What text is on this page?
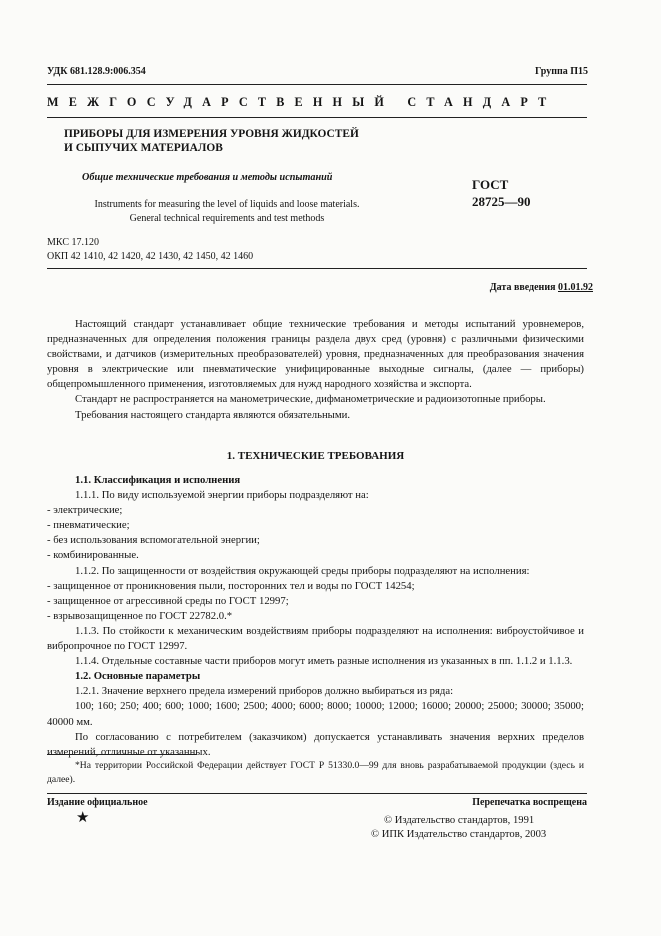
УДК 681.128.9:006.354	Группа П15
МЕЖГОСУДАРСТВЕННЫЙ СТАНДАРТ
ПРИБОРЫ ДЛЯ ИЗМЕРЕНИЯ УРОВНЯ ЖИДКОСТЕЙ
И СЫПУЧИХ МАТЕРИАЛОВ
Общие технические требования и методы испытаний
Instruments for measuring the level of liquids and loose materials.
General technical requirements and test methods
ГОСТ
28725—90
МКС 17.120
ОКП 42 1410, 42 1420, 42 1430, 42 1450, 42 1460
Дата введения 01.01.92

Настоящий стандарт устанавливает общие технические требования и методы испытаний уровнемеров, предназначенных для определения положения границы раздела двух сред (уровня) с различными физическими свойствами, и датчиков (измерительных преобразователей) уровня, предназначенных для преобразования значения уровня в электрические или пневматические унифицированные выходные сигналы, (далее — приборы) общепромышленного применения, изготовляемых для нужд народного хозяйства и экспорта.

Стандарт не распространяется на манометрические, дифманометрические и радиоизотопные приборы.

Требования настоящего стандарта являются обязательными.

1. ТЕХНИЧЕСКИЕ ТРЕБОВАНИЯ

1.1. Классификация и исполнения

1.1.1. По виду используемой энергии приборы подразделяют на:

- электрические;

- пневматические;

- без использования вспомогательной энергии;

- комбинированные.

1.1.2. По защищенности от воздействия окружающей среды приборы подразделяют на исполнения:

- защищенное от проникновения пыли, посторонних тел и воды по ГОСТ 14254;

- защищенное от агрессивной среды по ГОСТ 12997;

- взрывозащищенное по ГОСТ 22782.0.*

1.1.3. По стойкости к механическим воздействиям приборы подразделяют на исполнения: виброустойчивое и вибропрочное по ГОСТ 12997.

1.1.4. Отдельные составные части приборов могут иметь разные исполнения из указанных в пп. 1.1.2 и 1.1.3.

1.2. Основные параметры

1.2.1. Значение верхнего предела измерений приборов должно выбираться из ряда:

100; 160; 250; 400; 600; 1000; 1600; 2500; 4000; 6000; 8000; 10000; 12000; 16000; 20000; 25000; 30000; 35000; 40000 мм.

По согласованию с потребителем (заказчиком) допускается устанавливать значения верхних пределов измерений, отличные от указанных.

*На территории Российской Федерации действует ГОСТ Р 51330.0—99 для вновь разрабатываемой продукции (здесь и далее).

Издание официальное	Перепечатка воспрещена
★	© Издательство стандартов, 1991
© ИПК Издательство стандартов, 2003
